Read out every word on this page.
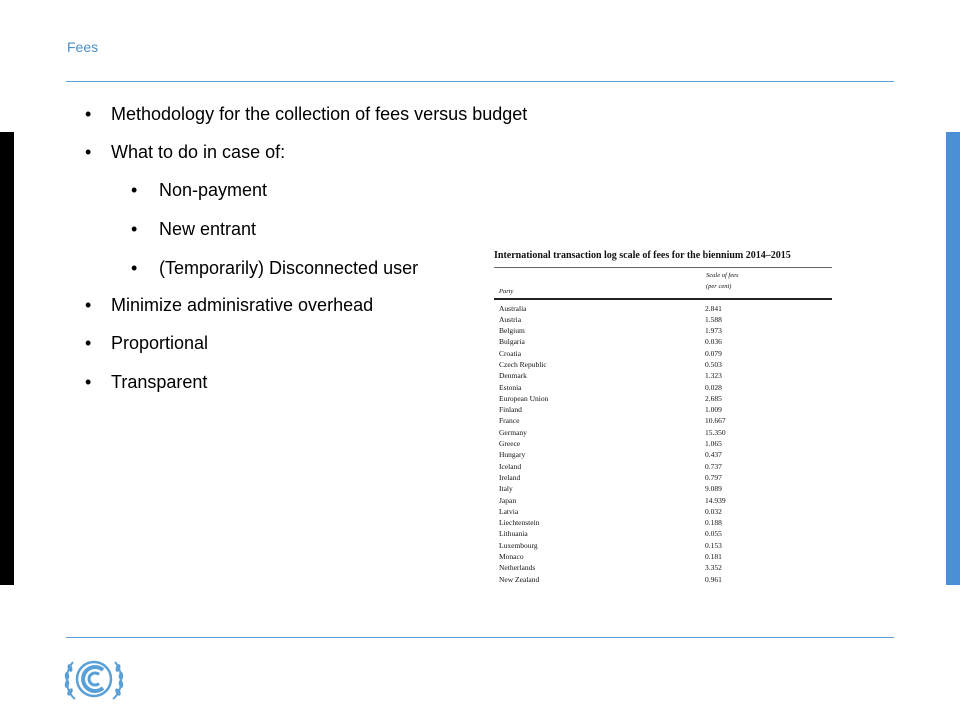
Fees
• Methodology for the collection of fees versus budget
• What to do in case of:
• Non-payment
• New entrant
• (Temporarily) Disconnected user
• Minimize adminisrative overhead
• Proportional
• Transparent
International transaction log scale of fees for the biennium 2014–2015
Party
Scale of fees
(per cent)
Australia	2.841
Austria	1.588
Belgium	1.973
Bulgaria	0.036
Croatia	0.079
Czech Republic	0.503
Denmark	1.323
Estonia	0.028
European Union	2.685
Finland	1.009
France	10.667
Germany	15.350
Greece	1.065
Hungary	0.437
Iceland	0.737
Ireland	0.797
Italy	9.089
Japan	14.939
Latvia	0.032
Liechtenstein	0.188
Lithuania	0.055
Luxembourg	0.153
Monaco	0.181
Netherlands	3.352
New Zealand	0.961
